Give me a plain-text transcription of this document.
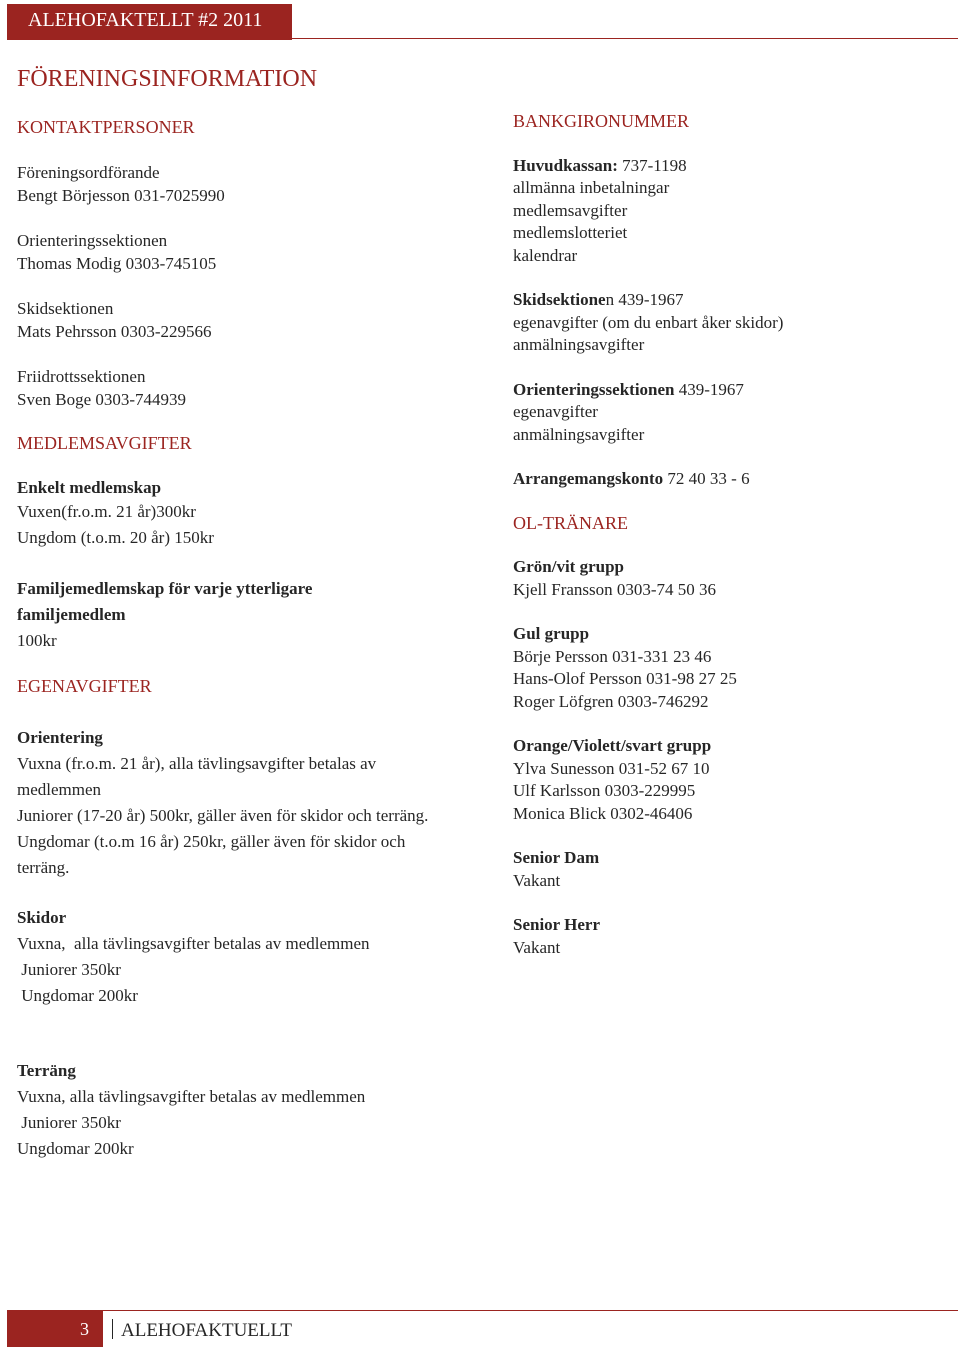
ALEHOFAKTELLT #2 2011
FÖRENINGSINFORMATION
KONTAKTPERSONER
Föreningsordförande
Bengt Börjesson 031-7025990
Orienteringssektionen
Thomas Modig 0303-745105
Skidsektionen
Mats Pehrsson 0303-229566
Friidrottssektionen
Sven Boge 0303-744939
MEDLEMSAVGIFTER
Enkelt medlemskap
Vuxen(fr.o.m. 21 år)300kr
Ungdom (t.o.m. 20 år) 150kr
Familjemedlemskap för varje ytterligare familjemedlem
100kr
EGENAVGIFTER
Orientering
Vuxna (fr.o.m. 21 år), alla tävlingsavgifter betalas av medlemmen
Juniorer (17-20 år) 500kr, gäller även för skidor och terräng.
Ungdomar (t.o.m 16 år) 250kr, gäller även för skidor och terräng.
Skidor
Vuxna,  alla tävlingsavgifter betalas av medlemmen
Juniorer 350kr
Ungdomar 200kr
Terräng
Vuxna, alla tävlingsavgifter betalas av medlemmen
Juniorer 350kr
Ungdomar 200kr
BANKGIRONUMMER
Huvudkassan: 737-1198
allmänna inbetalningar
medlemsavgifter
medlemslotteriet
kalendrar
Skidsektionen 439-1967
egenavgifter (om du enbart åker skidor)
anmälningsavgifter
Orienteringssektionen 439-1967
egenavgifter
anmälningsavgifter
Arrangemangskonto 72 40 33 - 6
OL-TRÄNARE
Grön/vit grupp
Kjell Fransson 0303-74 50 36
Gul grupp
Börje Persson 031-331 23 46
Hans-Olof Persson 031-98 27 25
Roger Löfgren 0303-746292
Orange/Violett/svart grupp
Ylva Sunesson 031-52 67 10
Ulf Karlsson 0303-229995
Monica Blick 0302-46406
Senior Dam
Vakant
Senior Herr
Vakant
3	ALEHOFAKTUELLT
